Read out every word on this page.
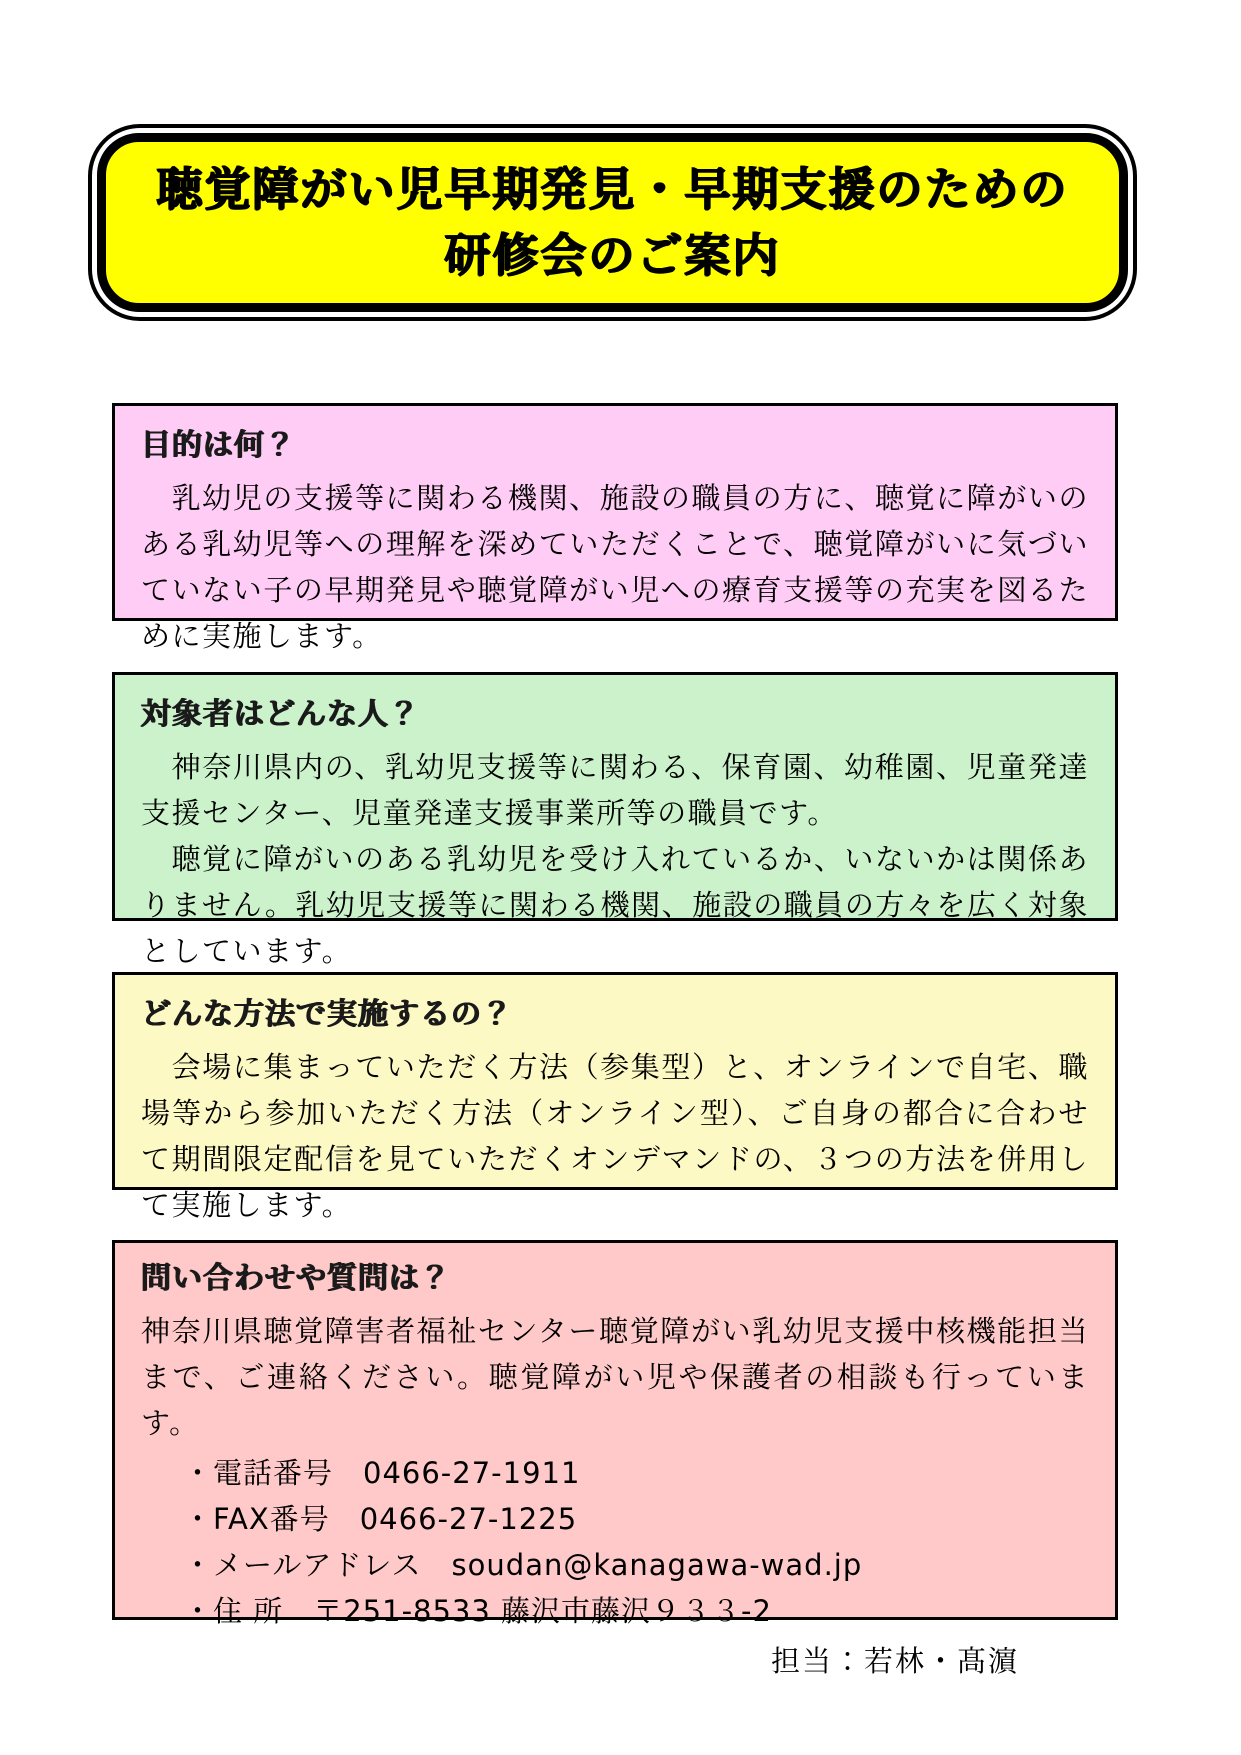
聴覚障がい児早期発見・早期支援のための
研修会のご案内
目的は何？
　乳幼児の支援等に関わる機関、施設の職員の方に、聴覚に障がいのある乳幼児等への理解を深めていただくことで、聴覚障がいに気づいていない子の早期発見や聴覚障がい児への療育支援等の充実を図るために実施します。
対象者はどんな人？
　神奈川県内の、乳幼児支援等に関わる、保育園、幼稚園、児童発達支援センター、児童発達支援事業所等の職員です。
　聴覚に障がいのある乳幼児を受け入れているか、いないかは関係ありません。乳幼児支援等に関わる機関、施設の職員の方々を広く対象としています。
どんな方法で実施するの？
　会場に集まっていただく方法（参集型）と、オンラインで自宅、職場等から参加いただく方法（オンライン型）、ご自身の都合に合わせて期間限定配信を見ていただくオンデマンドの、３つの方法を併用して実施します。
問い合わせや質問は？
神奈川県聴覚障害者福祉センター聴覚障がい乳幼児支援中核機能担当まで、ご連絡ください。聴覚障がい児や保護者の相談も行っています。
・電話番号　0466-27-1911
・FAX番号　0466-27-1225
・メールアドレス　soudan@kanagawa-wad.jp
・住 所　〒251-8533 藤沢市藤沢９３３-2
担当：若林・髙濵
